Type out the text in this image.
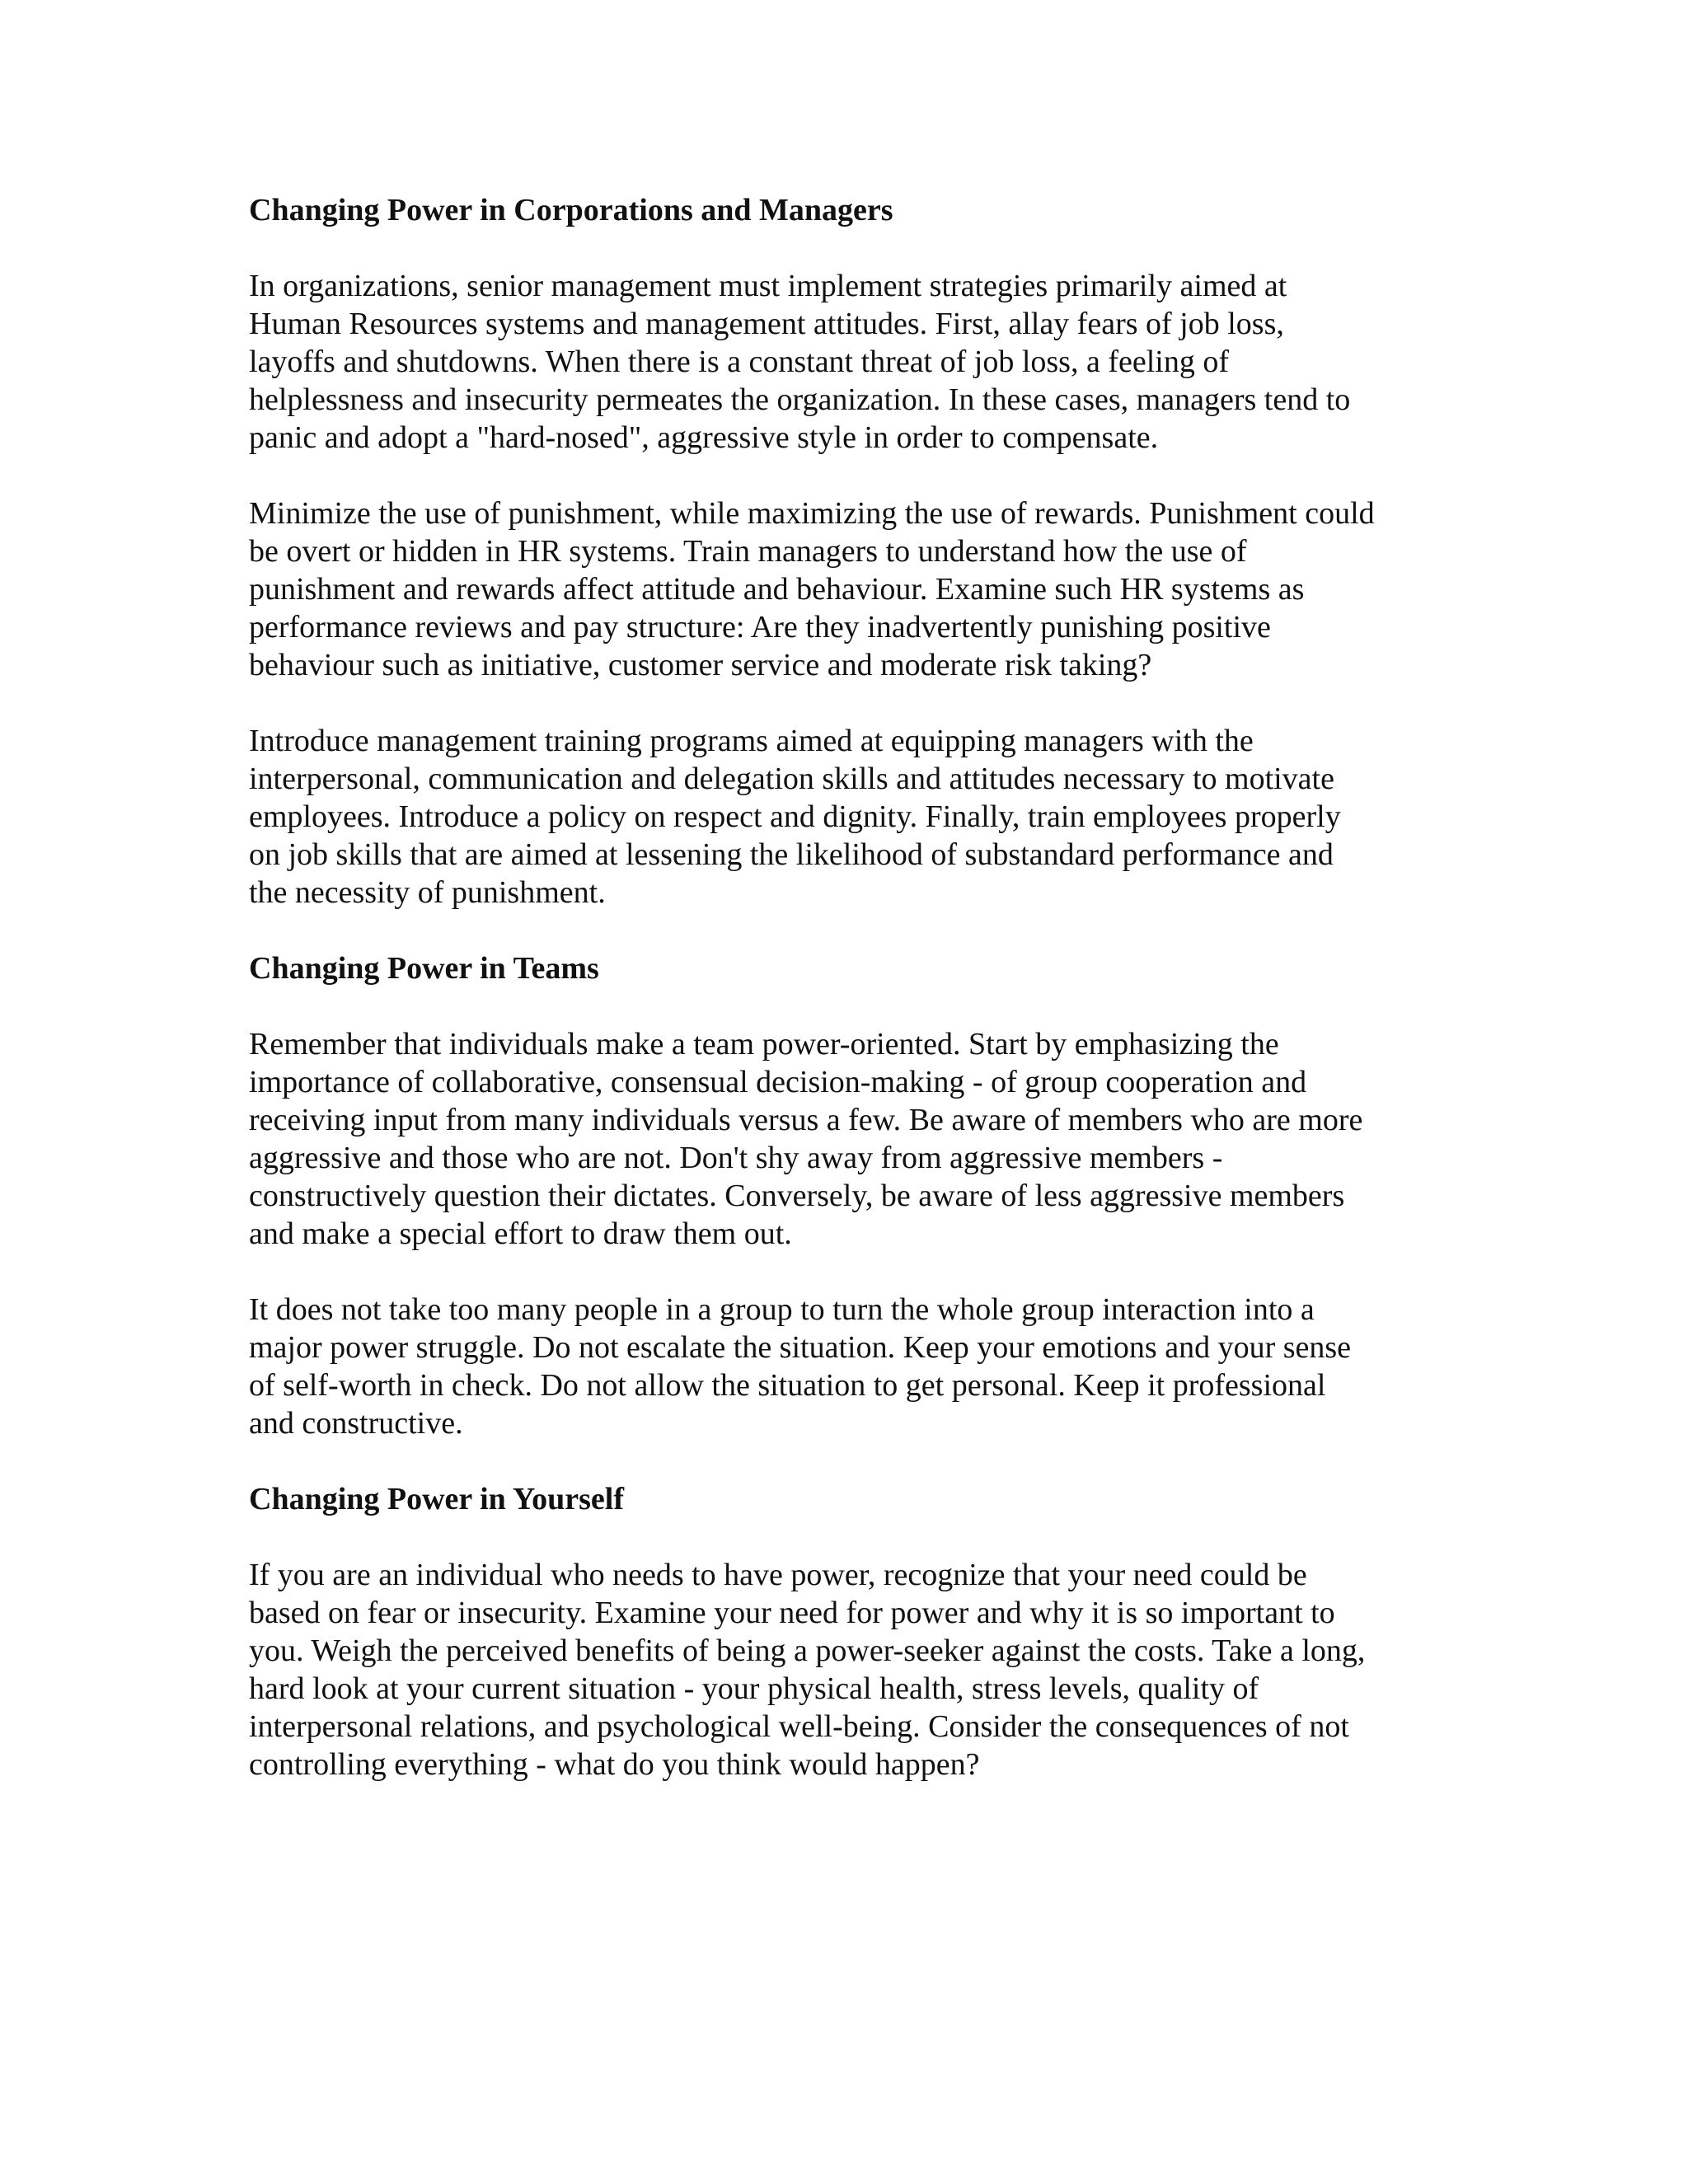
Changing Power in Corporations and Managers
In organizations, senior management must implement strategies primarily aimed at
Human Resources systems and management attitudes. First, allay fears of job loss,
layoffs and shutdowns. When there is a constant threat of job loss, a feeling of
helplessness and insecurity permeates the organization. In these cases, managers tend to
panic and adopt a "hard-nosed", aggressive style in order to compensate.
Minimize the use of punishment, while maximizing the use of rewards. Punishment could
be overt or hidden in HR systems. Train managers to understand how the use of
punishment and rewards affect attitude and behaviour. Examine such HR systems as
performance reviews and pay structure: Are they inadvertently punishing positive
behaviour such as initiative, customer service and moderate risk taking?
Introduce management training programs aimed at equipping managers with the
interpersonal, communication and delegation skills and attitudes necessary to motivate
employees. Introduce a policy on respect and dignity. Finally, train employees properly
on job skills that are aimed at lessening the likelihood of substandard performance and
the necessity of punishment.
Changing Power in Teams
Remember that individuals make a team power-oriented. Start by emphasizing the
importance of collaborative, consensual decision-making - of group cooperation and
receiving input from many individuals versus a few. Be aware of members who are more
aggressive and those who are not. Don't shy away from aggressive members -
constructively question their dictates. Conversely, be aware of less aggressive members
and make a special effort to draw them out.
It does not take too many people in a group to turn the whole group interaction into a
major power struggle. Do not escalate the situation. Keep your emotions and your sense
of self-worth in check. Do not allow the situation to get personal. Keep it professional
and constructive.
Changing Power in Yourself
If you are an individual who needs to have power, recognize that your need could be
based on fear or insecurity. Examine your need for power and why it is so important to
you. Weigh the perceived benefits of being a power-seeker against the costs. Take a long,
hard look at your current situation - your physical health, stress levels, quality of
interpersonal relations, and psychological well-being. Consider the consequences of not
controlling everything - what do you think would happen?
